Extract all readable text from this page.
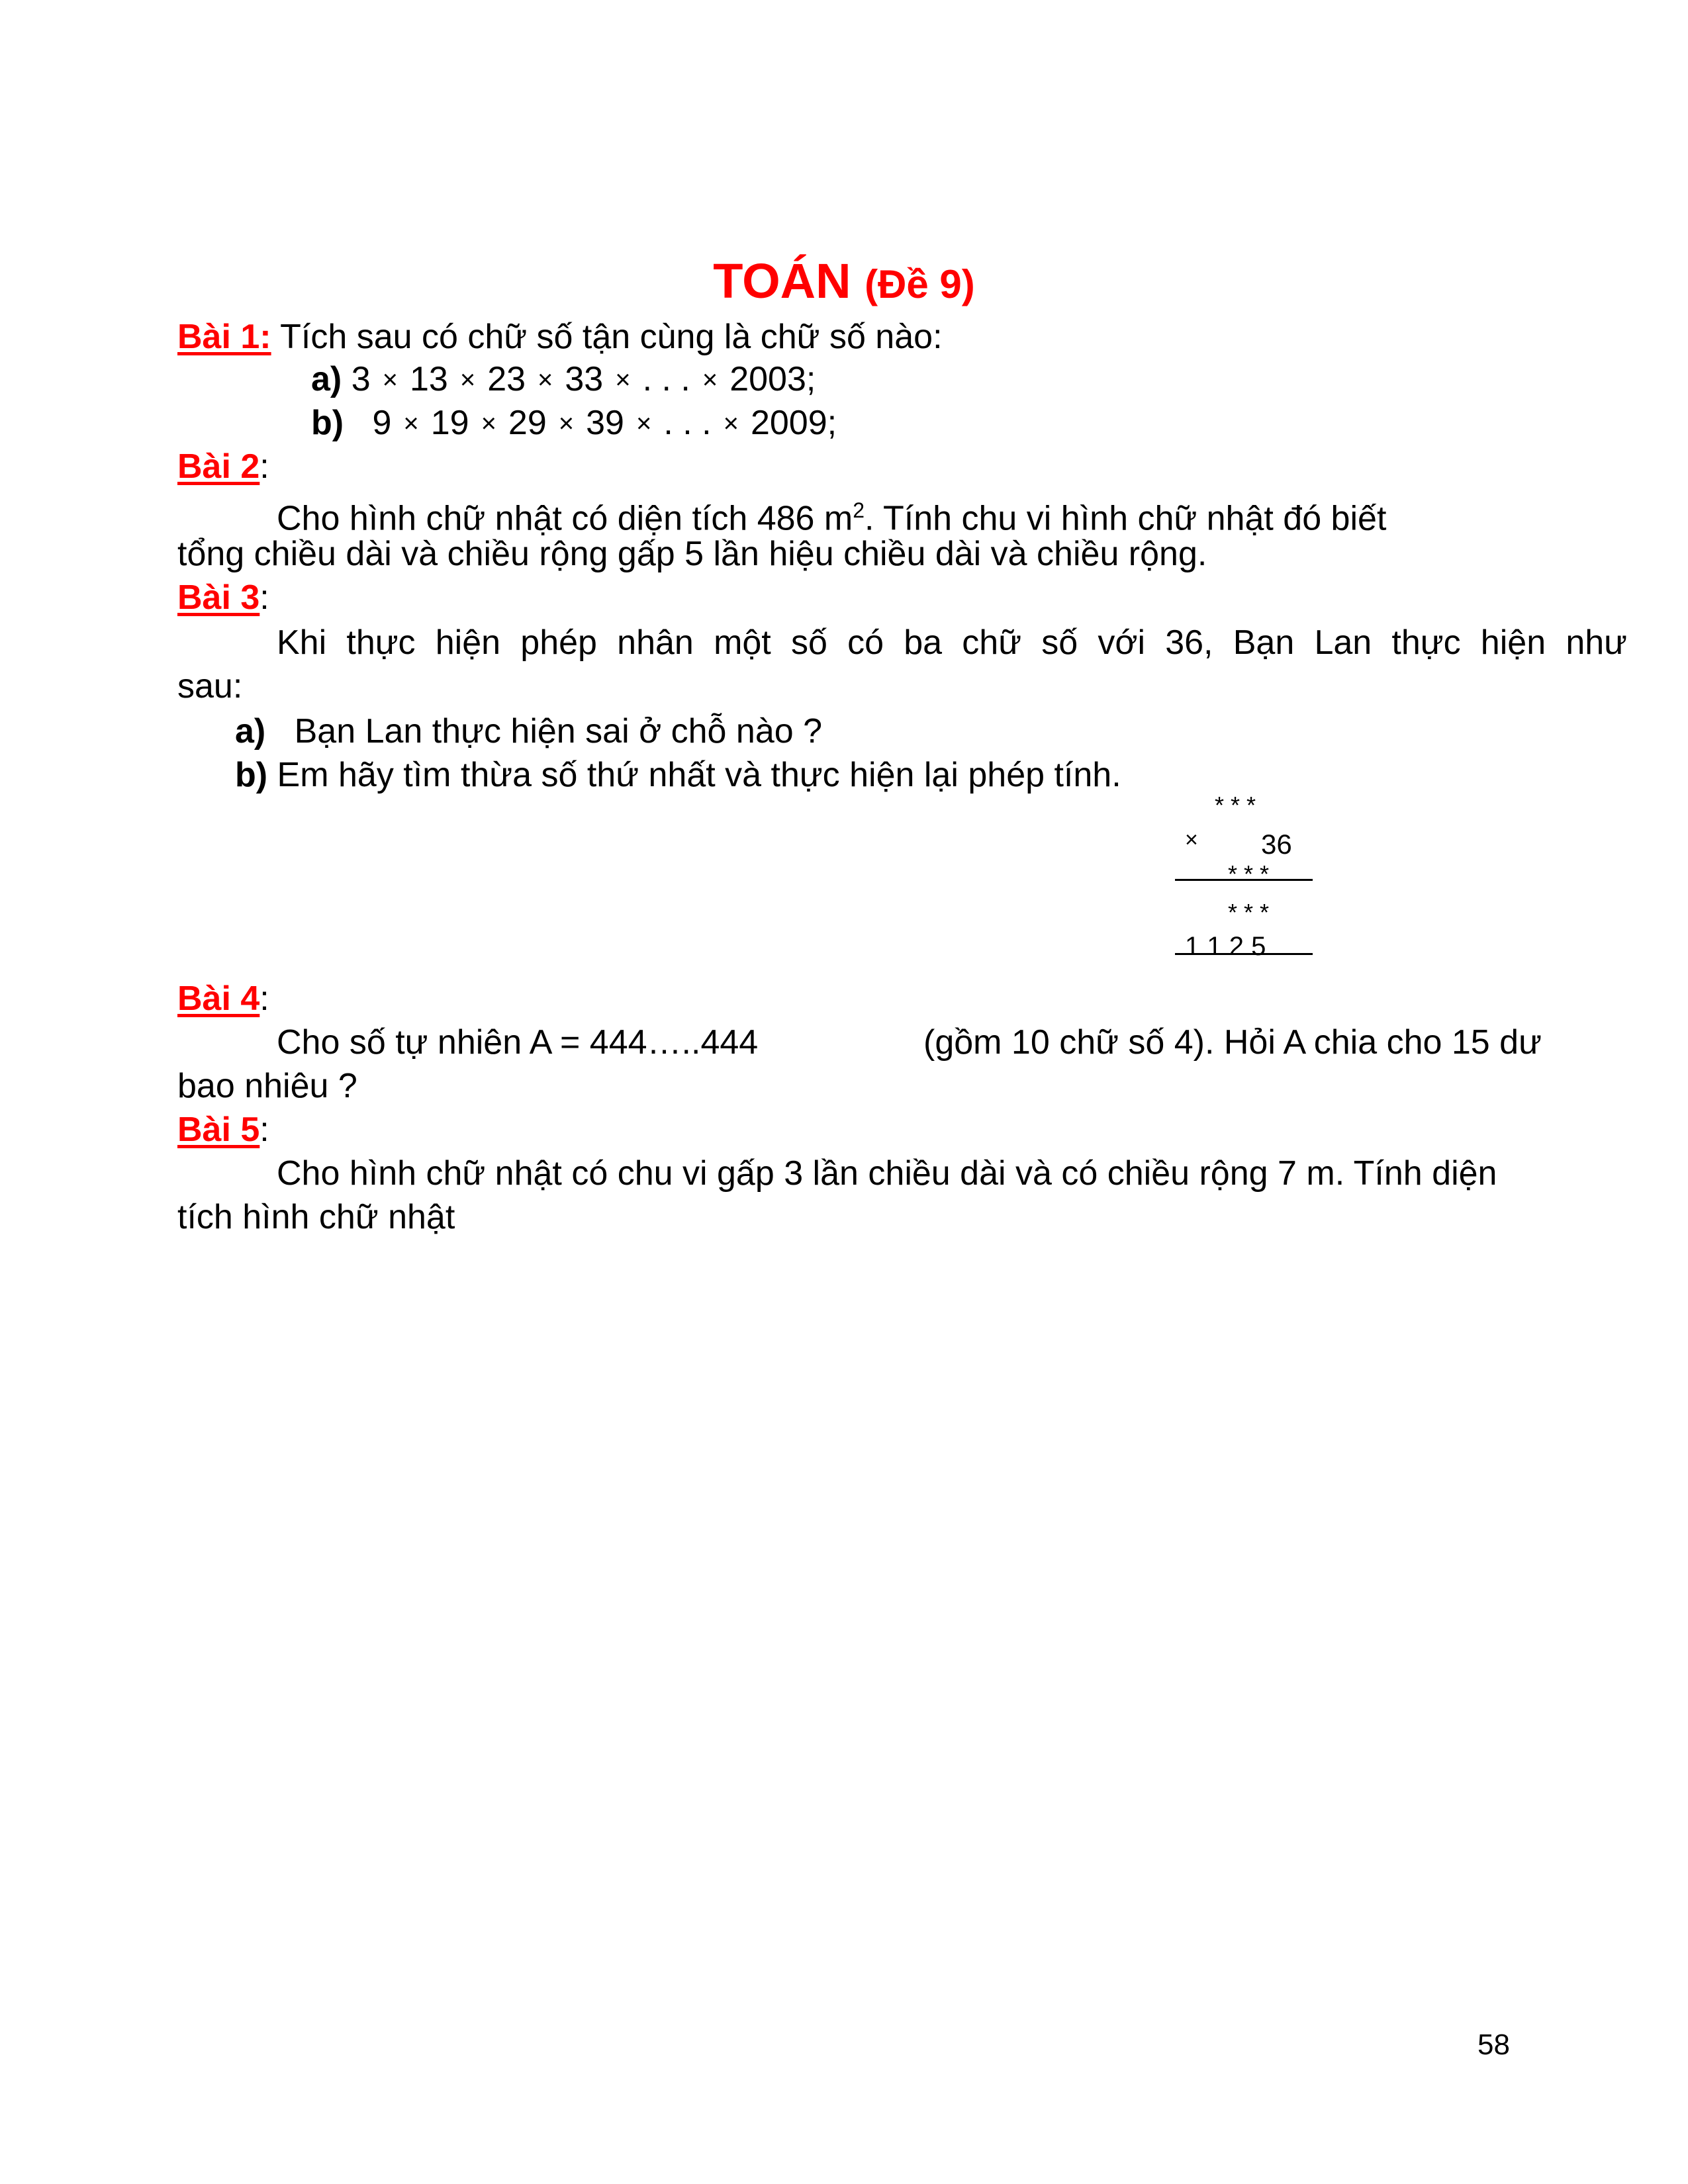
TOÁN (Đề 9)
Bài 1: Tích sau có chữ số tận cùng là chữ số nào:
a) 3 × 13 × 23 × 33 × . . . × 2003;
b) 9 × 19 × 29 × 39 × . . . × 2009;
Bài 2:
Cho hình chữ nhật có diện tích 486 $m^2$. Tính chu vi hình chữ nhật đó biết
tổng chiều dài và chiều rộng gấp 5 lần hiệu chiều dài và chiều rộng.
Bài 3:
Khi thực hiện phép nhân một số có ba chữ số với 36, Bạn Lan thực hiện như
sau:
a) Bạn Lan thực hiện sai ở chỗ nào ?
b) Em hãy tìm thừa số thứ nhất và thực hiện lại phép tính.
* * *
× 36
* * *
* * *
1 1 2 5
Bài 4:
Cho số tự nhiên A = 444…..444	(gồm 10 chữ số 4). Hỏi A chia cho 15 dư
bao nhiêu ?
Bài 5:
Cho hình chữ nhật có chu vi gấp 3 lần chiều dài và có chiều rộng 7 m. Tính diện
tích hình chữ nhật
58
